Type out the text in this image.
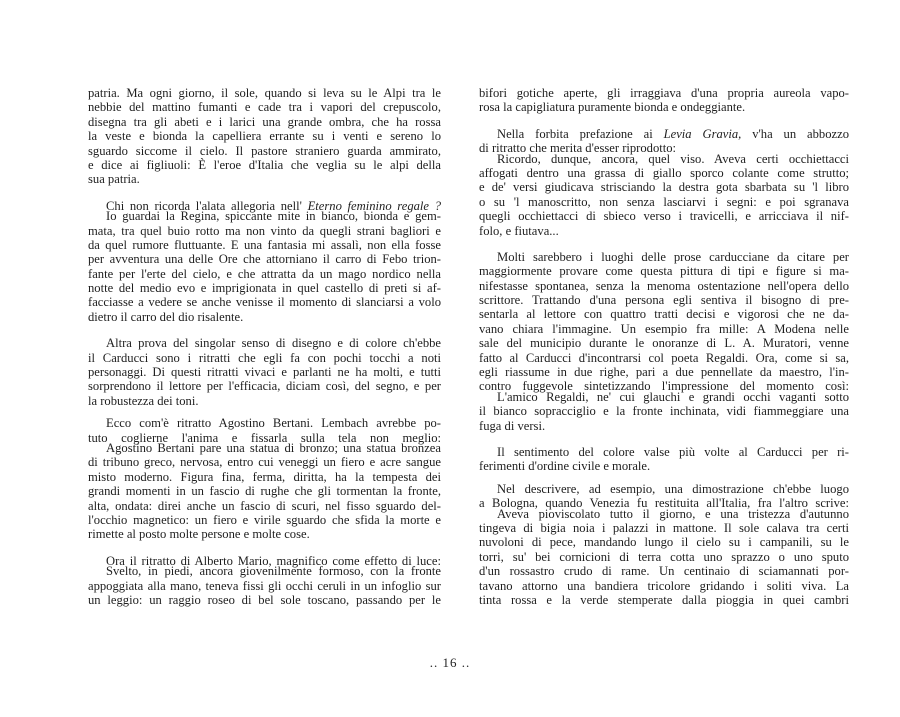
patria. Ma ogni giorno, il sole, quando si leva su le Alpi tra le
nebbie del mattino fumanti e cade tra i vapori del crepuscolo,
disegna tra gli abeti e i larici una grande ombra, che ha rossa
la veste e bionda la capelliera errante su i venti e sereno lo
sguardo siccome il cielo. Il pastore straniero guarda ammirato,
e dice ai figliuoli: È l'eroe d'Italia che veglia su le alpi della
sua patria.
Chi non ricorda l'alata allegoria nell' Eterno feminino regale ?
Io guardai la Regina, spiccante mite in bianco, bionda e gem-
mata, tra quel buio rotto ma non vinto da quegli strani bagliori e
da quel rumore fluttuante. E una fantasia mi assalì, non ella fosse
per avventura una delle Ore che attorniano il carro di Febo trion-
fante per l'erte del cielo, e che attratta da un mago nordico nella
notte del medio evo e imprigionata in quel castello di preti si af-
facciasse a vedere se anche venisse il momento di slanciarsi a volo
dietro il carro del dio risalente.
Altra prova del singolar senso di disegno e di colore ch'ebbe
il Carducci sono i ritratti che egli fa con pochi tocchi a noti
personaggi. Di questi ritratti vivaci e parlanti ne ha molti, e tutti
sorprendono il lettore per l'efficacia, diciam così, del segno, e per
la robustezza dei toni.
Ecco com'è ritratto Agostino Bertani. Lembach avrebbe po-
tuto coglierne l'anima e fissarla sulla tela non meglio:
Agostino Bertani pare una statua di bronzo; una statua bronzea
di tribuno greco, nervosa, entro cui veneggi un fiero e acre sangue
misto moderno. Figura fina, ferma, diritta, ha la tempesta dei
grandi momenti in un fascio di rughe che gli tormentan la fronte,
alta, ondata: direi anche un fascio di scuri, nel fisso sguardo del-
l'occhio magnetico: un fiero e virile sguardo che sfida la morte e
rimette al posto molte persone e molte cose.
Ora il ritratto di Alberto Mario, magnifico come effetto di luce:
Svelto, in piedi, ancora giovenilmente formoso, con la fronte
appoggiata alla mano, teneva fissi gli occhi ceruli in un infoglio sur
un leggio: un raggio roseo di bel sole toscano, passando per le
bifori gotiche aperte, gli irraggiava d'una propria aureola vapo-
rosa la capigliatura puramente bionda e ondeggiante.
Nella forbita prefazione ai Levia Gravia, v'ha un abbozzo
di ritratto che merita d'esser riprodotto:
Ricordo, dunque, ancora, quel viso. Aveva certi occhiettacci
affogati dentro una grassa di giallo sporco colante come strutto;
e de' versi giudicava strisciando la destra gota sbarbata su 'l libro
o su 'l manoscritto, non senza lasciarvi i segni: e poi sgranava
quegli occhiettacci di sbieco verso i travicelli, e arricciava il nif-
folo, e fiutava...
Molti sarebbero i luoghi delle prose carducciane da citare per
maggiormente provare come questa pittura di tipi e figure si ma-
nifestasse spontanea, senza la menoma ostentazione nell'opera dello
scrittore. Trattando d'una persona egli sentiva il bisogno di pre-
sentarla al lettore con quattro tratti decisi e vigorosi che ne da-
vano chiara l'immagine. Un esempio fra mille: A Modena nelle
sale del municipio durante le onoranze di L. A. Muratori, venne
fatto al Carducci d'incontrarsi col poeta Regaldi. Ora, come si sa,
egli riassume in due righe, pari a due pennellate da maestro, l'in-
contro fuggevole sintetizzando l'impressione del momento così:
L'amico Regaldi, ne' cui glauchi e grandi occhi vaganti sotto
il bianco sopracciglio e la fronte inchinata, vidi fiammeggiare una
fuga di versi.
Il sentimento del colore valse più volte al Carducci per ri-
ferimenti d'ordine civile e morale.
Nel descrivere, ad esempio, una dimostrazione ch'ebbe luogo
a Bologna, quando Venezia fu restituita all'Italia, fra l'altro scrive:
Aveva pioviscolato tutto il giorno, e una tristezza d'autunno
tingeva di bigia noia i palazzi in mattone. Il sole calava tra certi
nuvoloni di pece, mandando lungo il cielo su i campanili, su le
torri, su' bei cornicioni di terra cotta uno sprazzo o uno sputo
d'un rossastro crudo di rame. Un centinaio di sciamannati por-
tavano attorno una bandiera tricolore gridando i soliti viva. La
tinta rossa e la verde stemperate dalla pioggia in quei cambri
.. 16 ..
